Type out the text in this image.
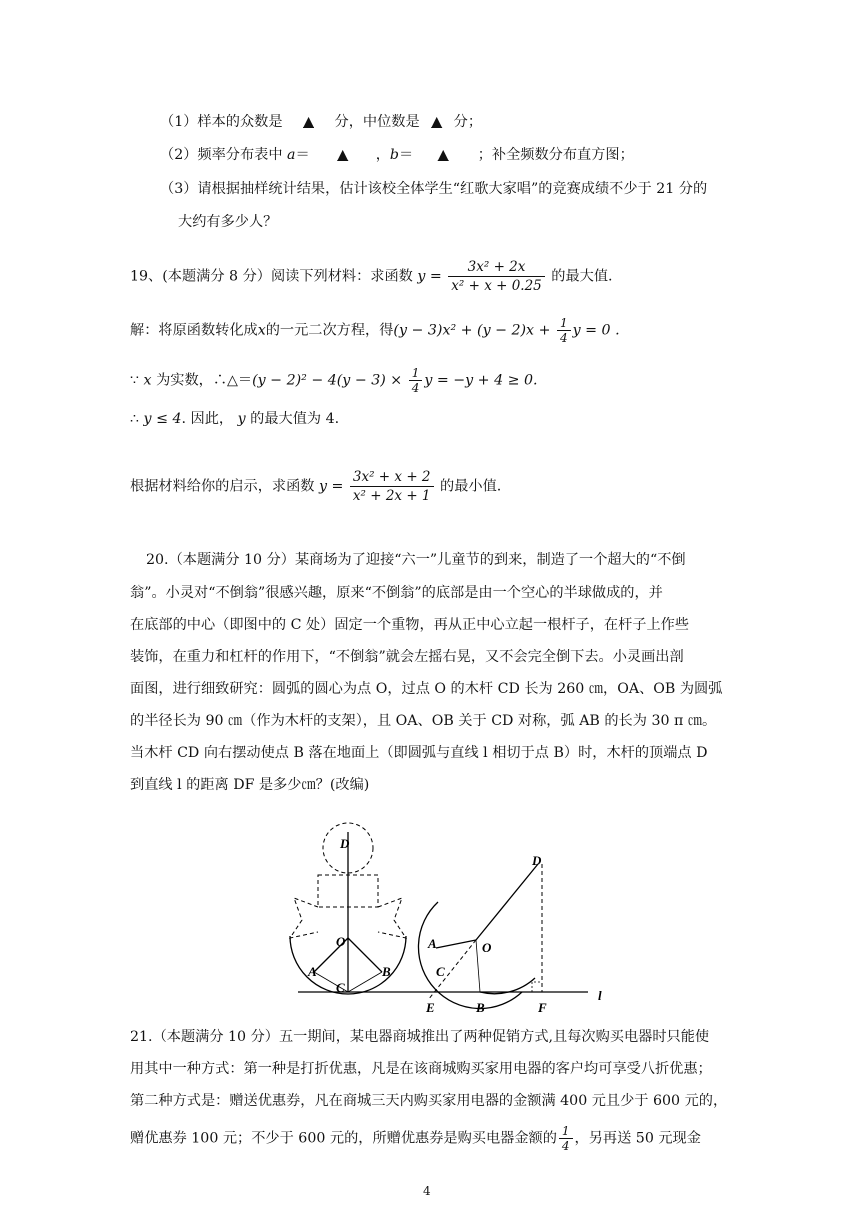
（1）样本的众数是 ▲ 分，中位数是 ▲ 分；
（2）频率分布表中 a＝ ▲ ，b＝ ▲ ；补全频数分布直方图；
（3）请根据抽样统计结果，估计该校全体学生“红歌大家唱”的竞赛成绩不少于 21 分的
大约有多少人？
19、(本题满分 8 分）阅读下列材料：求函数 $y = \frac{\text{3x² + 2x}}{\text{x² + x + 0.25}}$ 的最大值.
解：将原函数转化成x的一元二次方程，得$(y - 3)x^2 + (y - 2)x + \frac{1}{4}$ y = 0 .
∵ x 为实数，∴△＝(y − $2)^2 - 4(y - 3) \times \frac{1}{4}$ y = −y + 4 ≥ 0.
∴ y ≤ 4. 因此， y 的最大值为 4.
根据材料给你的启示，求函数 $y = \frac{\text{3x² + x + 2}}{\text{x² + 2x + 1}}$ 的最小值.
20.（本题满分 10 分）某商场为了迎接“六一”儿童节的到来，制造了一个超大的“不倒
翁”。小灵对“不倒翁”很感兴趣，原来“不倒翁”的底部是由一个空心的半球做成的，并
在底部的中心（即图中的 C 处）固定一个重物，再从正中心立起一根杆子，在杆子上作些
装饰，在重力和杠杆的作用下，“不倒翁”就会左摇右晃，又不会完全倒下去。小灵画出剖
面图，进行细致研究：圆弧的圆心为点 O，过点 O 的木杆 CD 长为 260 ㎝，OA、OB 为圆弧
的半径长为 90 ㎝（作为木杆的支架），且 OA、OB 关于 CD 对称，弧 AB 的长为 30 π ㎝。
当木杆 CD 向右摆动使点 B 落在地面上（即圆弧与直线 l 相切于点 B）时，木杆的顶端点 D
到直线 l 的距离 DF 是多少㎝？(改编)
D
O
A	B
C
D
A	O
C
E	B	F
l
21.（本题满分 10 分）五一期间，某电器商城推出了两种促销方式,且每次购买电器时只能使
用其中一种方式：第一种是打折优惠，凡是在该商城购买家用电器的客户均可享受八折优惠；
第二种方式是：赠送优惠券，凡在商城三天内购买家用电器的金额满 400 元且少于 600 元的，
赠优惠券 100 元；不少于 600 元的，所赠优惠券是购买电器金额的 $\frac{1}{4}$ ，另再送 50 元现金
4
